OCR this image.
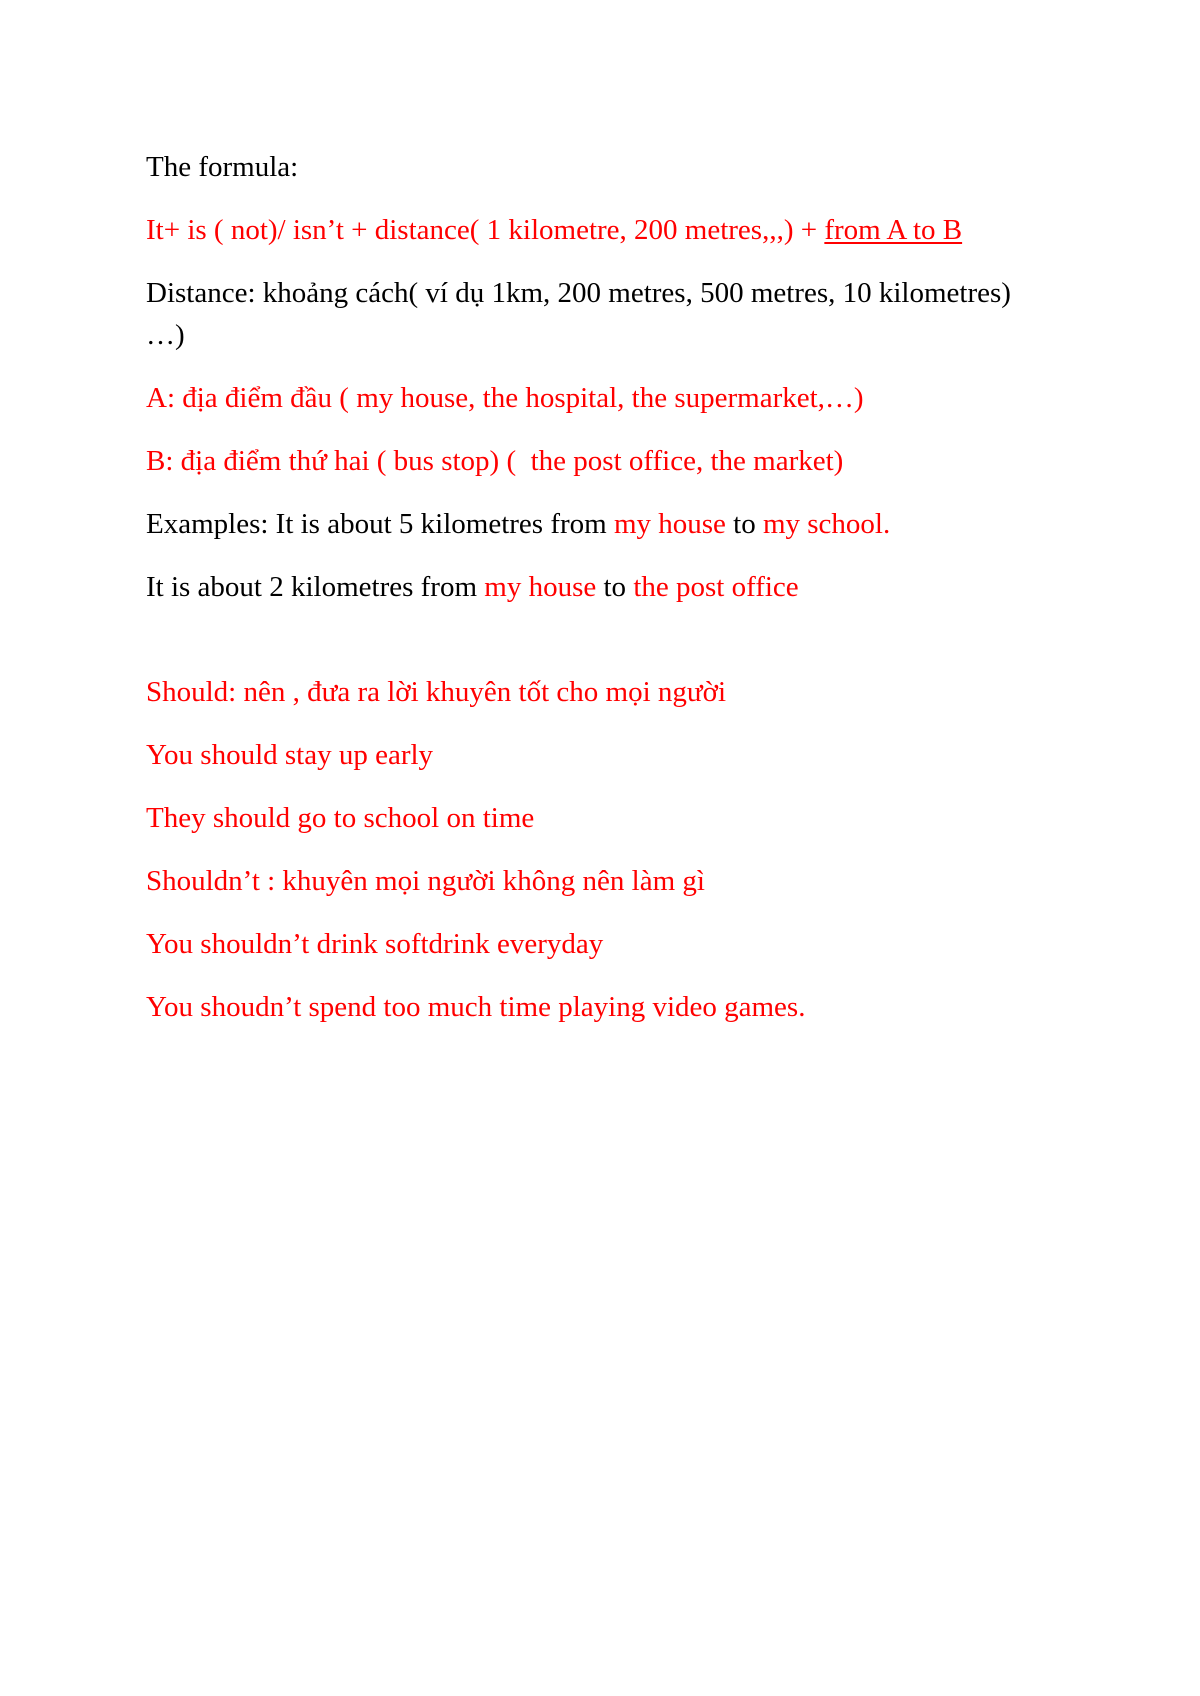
The formula:

It+ is ( not)/ isn’t + distance( 1 kilometre, 200 metres,,,) + from A to B

Distance: khoảng cách( ví dụ 1km, 200 metres, 500 metres, 10 kilometres)  …)

A: địa điểm đầu ( my house, the hospital, the supermarket,…)

B: địa điểm thứ hai ( bus stop) (  the post office, the market)

Examples: It is about 5 kilometres from my house to my school.

It is about 2 kilometres from my house to the post office

Should: nên , đưa ra lời khuyên tốt cho mọi người

You should stay up early

They should go to school on time

Shouldn’t : khuyên mọi người không nên làm gì

You shouldn’t drink softdrink everyday

You shoudn’t spend too much time playing video games.
